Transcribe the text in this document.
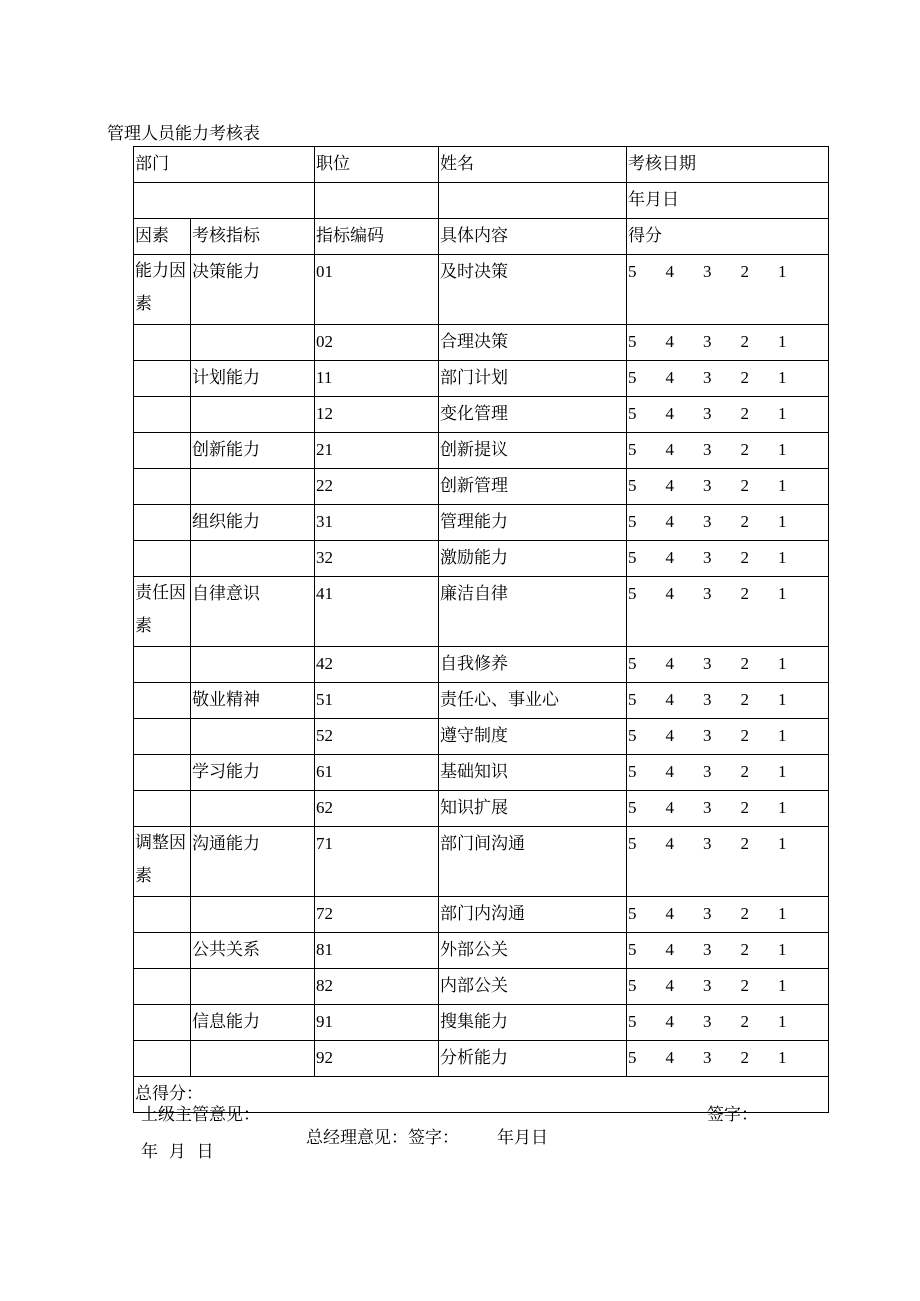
管理人员能力考核表
部门		职位	姓名	考核日期
				年月日
因素	考核指标	指标编码	具体内容	得分
能力因素	决策能力	01	及时决策	5 4 3 2 1

		02	合理决策	5 4 3 2 1

	计划能力	11	部门计划	5 4 3 2 1

		12	变化管理	5 4 3 2 1

	创新能力	21	创新提议	5 4 3 2 1

		22	创新管理	5 4 3 2 1

	组织能力	31	管理能力	5 4 3 2 1

		32	激励能力	5 4 3 2 1

责任因素	自律意识	41	廉洁自律	5 4 3 2 1

		42	自我修养	5 4 3 2 1

	敬业精神	51	责任心、事业心	5 4 3 2 1

		52	遵守制度	5 4 3 2 1

	学习能力	61	基础知识	5 4 3 2 1

		62	知识扩展	5 4 3 2 1

调整因素	沟通能力	71	部门间沟通	5 4 3 2 1

		72	部门内沟通	5 4 3 2 1

	公共关系	81	外部公关	5 4 3 2 1

		82	内部公关	5 4 3 2 1

	信息能力	91	搜集能力	5 4 3 2 1

		92	分析能力	5 4 3 2 1

总得分：				
上级主管意见：	签字：
总经理意见：签字： 年月日
年  月  日
